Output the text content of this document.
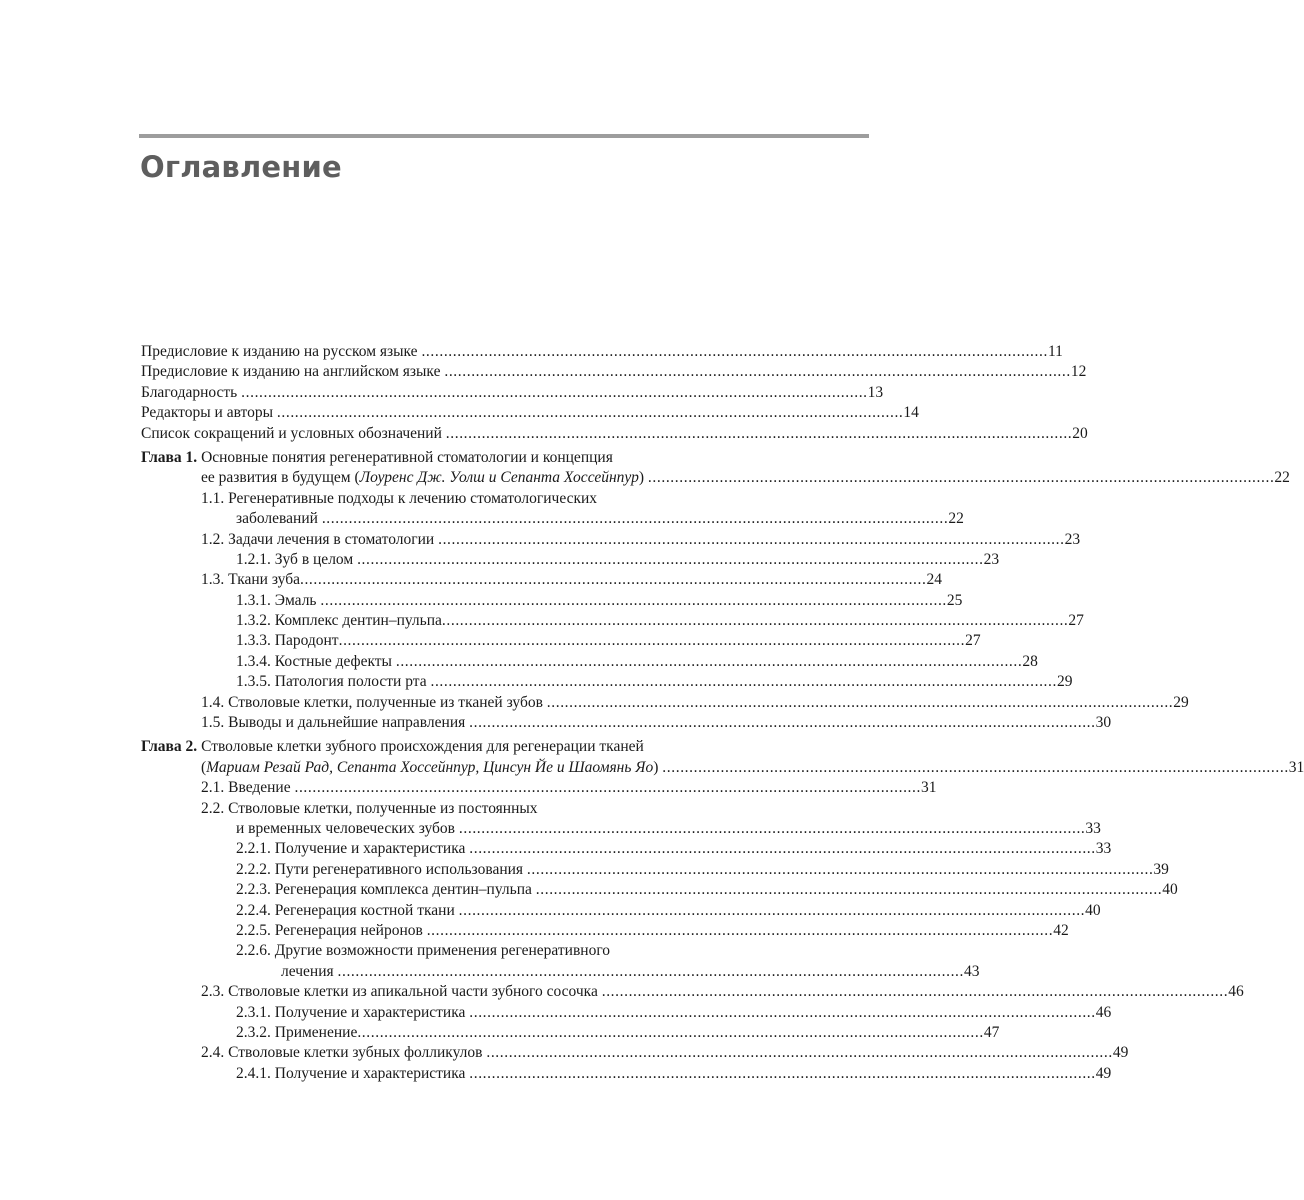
Оглавление
Предисловие к изданию на русском языке
............................................................................................................................................ 11
Предисловие к изданию на английском языке
............................................................................................................................................ 12
Благодарность
............................................................................................................................................ 13
Редакторы и авторы
............................................................................................................................................ 14
Список сокращений и условных обозначений
............................................................................................................................................ 20
Глава 1.
Основные понятия регенеративной стоматологии и концепция
ее развития в будущем ( Лоуренс Дж. Уолш и Сепанта Хоссейнпур )
............................................................................................................................................ 22
1.1.
Регенеративные подходы к лечению стоматологических
заболеваний
............................................................................................................................................ 22
1.2.
Задачи лечения в стоматологии
............................................................................................................................................ 23
1.2.1.
Зуб в целом
............................................................................................................................................ 23
1.3.
Ткани зуба ............................................................................................................................................ 24
1.3.1.
Эмаль
............................................................................................................................................ 25
1.3.2.
Комплекс дентин–пульпа ............................................................................................................................................ 27
1.3.3.
Пародонт ............................................................................................................................................ 27
1.3.4.
Костные дефекты
............................................................................................................................................ 28
1.3.5.
Патология полости рта
............................................................................................................................................ 29
1.4.
Стволовые клетки, полученные из тканей зубов
............................................................................................................................................ 29
1.5.
Выводы и дальнейшие направления
............................................................................................................................................ 30
Глава 2.
Стволовые клетки зубного происхождения для регенерации тканей
( Мариам Резай Рад, Сепанта Хоссейнпур, Цинсун Йе и Шаомянь Яо )
............................................................................................................................................ 31
2.1.
Введение
............................................................................................................................................ 31
2.2.
Стволовые клетки, полученные из постоянных
и временных человеческих зубов
............................................................................................................................................ 33
2.2.1.
Получение и характеристика
............................................................................................................................................ 33
2.2.2.
Пути регенеративного использования
............................................................................................................................................ 39
2.2.3.
Регенерация комплекса дентин–пульпа
............................................................................................................................................ 40
2.2.4.
Регенерация костной ткани
............................................................................................................................................ 40
2.2.5.
Регенерация нейронов
............................................................................................................................................ 42
2.2.6.
Другие возможности применения регенеративного
лечения
............................................................................................................................................ 43
2.3.
Стволовые клетки из апикальной части зубного сосочка
............................................................................................................................................ 46
2.3.1.
Получение и характеристика
............................................................................................................................................ 46
2.3.2.
Применение ............................................................................................................................................ 47
2.4.
Стволовые клетки зубных фолликулов
............................................................................................................................................ 49
2.4.1.
Получение и характеристика
............................................................................................................................................ 49
